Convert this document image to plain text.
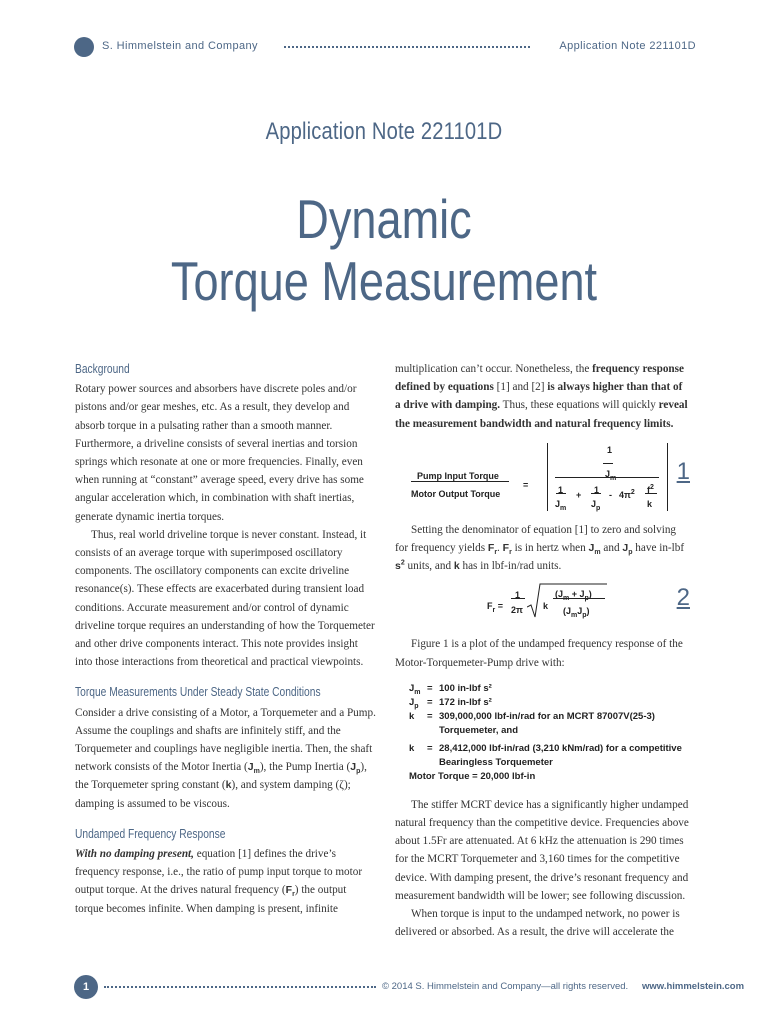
S. Himmelstein and Company	Application Note 221101D
Application Note 221101D
Dynamic
Torque Measurement
Background

Rotary power sources and absorbers have discrete poles and/or pistons and/or gear meshes, etc. As a result, they develop and absorb torque in a pulsating rather than a smooth manner. Furthermore, a driveline consists of several inertias and torsion springs which resonate at one or more frequencies. Finally, even when running at “constant” average speed, every drive has some angular acceleration which, in combination with shaft inertias, generate dynamic inertia torques.

Thus, real world driveline torque is never constant. Instead, it consists of an average torque with superimposed oscillatory components. The oscillatory components can excite driveline resonance(s). These effects are exacerbated during transient load conditions. Accurate measurement and/or control of dynamic driveline torque requires an understanding of how the Torquemeter and other drive components interact. This note provides insight into those interactions from theoretical and practical viewpoints.

Torque Measurements Under Steady State Conditions

Consider a drive consisting of a Motor, a Torquemeter and a Pump. Assume the couplings and shafts are infinitely stiff, and the Torquemeter and couplings have negligible inertia. Then, the shaft network consists of the Motor Inertia $(J_m)$, the Pump Inertia $(J_p)$, the Torquemeter spring constant (k), and system damping (ζ); damping is assumed to be viscous.

Undamped Frequency Response

With no damping present, equation [1] defines the drive’s frequency response, i.e., the ratio of pump input torque to motor output torque. At the drives natural frequency $(F_r)$ the output torque becomes infinite. When damping is present, infinite

multiplication can’t occur. Nonetheless, the frequency response defined by equations [1] and [2] is always higher than that of a drive with damping. Thus, these equations will quickly reveal the measurement bandwidth and natural frequency limits.

Pump Input Torque
Motor Output Torque
=
1
$J_m$
1
$J_m$
+ 1
$J_p$
- $4\pi^2$ $f^2$
k
1

Setting the denominator of equation [1] to zero and solving for frequency yields $F_r$. $F_r$ is in hertz when $J_m$ and $J_p$ have in-lbf $s^2$ units, and k has in lbf-in/rad units.

$F_r$ =
1
2π k
$(J_m + J_p)$
$(J_mJ_p)$	2

Figure 1 is a plot of the undamped frequency response of the Motor-Torquemeter-Pump drive with:

$J_m = 100$ in-lbf s²
$J_p = 172$ in-lbf s²
k	= 309,000,000 lbf-in/rad for an MCRT 87007V(25-3) Torquemeter, and
k	= 28,412,000 lbf-in/rad (3,210 kNm/rad) for a competitive Bearingless Torquemeter
Motor Torque = 20,000 lbf-in

The stiffer MCRT device has a significantly higher undamped natural frequency than the competitive device. Frequencies above about 1.5Fr are attenuated. At 6 kHz the attenuation is 290 times for the MCRT Torquemeter and 3,160 times for the competitive device. With damping present, the drive’s resonant frequency and measurement bandwidth will be lower; see following discussion.

When torque is input to the undamped network, no power is delivered or absorbed. As a result, the drive will accelerate the

1	© 2014 S. Himmelstein and Company—all rights reserved. www.himmelstein.com
